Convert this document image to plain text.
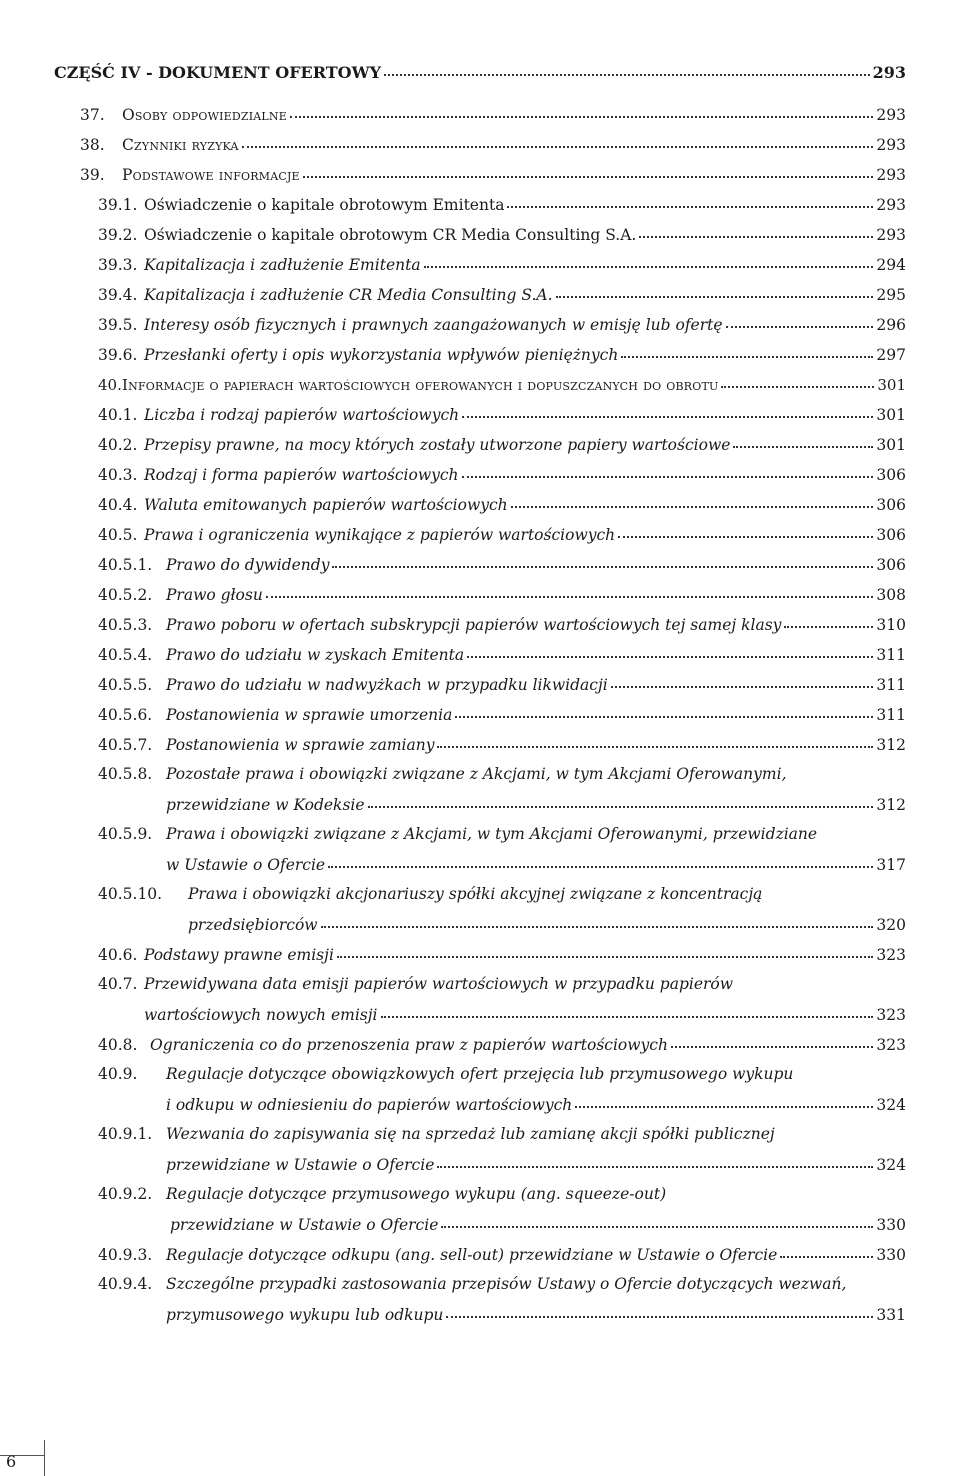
CZĘŚĆ IV - DOKUMENT OFERTOWY	293
37.	Osoby odpowiedzialne	293
38.	Czynniki ryzyka	293
39.	Podstawowe informacje	293
39.1. Oświadczenie o kapitale obrotowym Emitenta	293
39.2. Oświadczenie o kapitale obrotowym CR Media Consulting S.A.	293
39.3. Kapitalizacja i zadłużenie Emitenta	294
39.4. Kapitalizacja i zadłużenie CR Media Consulting S.A.	295
39.5. Interesy osób fizycznych i prawnych zaangażowanych w emisję lub ofertę	296
39.6. Przesłanki oferty i opis wykorzystania wpływów pieniężnych	297
40. Informacje o papierach wartościowych oferowanych i dopuszczanych do obrotu	301
40.1. Liczba i rodzaj papierów wartościowych	301
40.2. Przepisy prawne, na mocy których zostały utworzone papiery wartościowe	301
40.3. Rodzaj i forma papierów wartościowych	306
40.4. Waluta emitowanych papierów wartościowych	306
40.5. Prawa i ograniczenia wynikające z papierów wartościowych	306
40.5.1. Prawo do dywidendy	306
40.5.2. Prawo głosu	308
40.5.3. Prawo poboru w ofertach subskrypcji papierów wartościowych tej samej klasy	310
40.5.4. Prawo do udziału w zyskach Emitenta	311
40.5.5. Prawo do udziału w nadwyżkach w przypadku likwidacji	311
40.5.6. Postanowienia w sprawie umorzenia	311
40.5.7. Postanowienia w sprawie zamiany	312
40.5.8. Pozostałe prawa i obowiązki związane z Akcjami, w tym Akcjami Oferowanymi,
przewidziane w Kodeksie	312
40.5.9. Prawa i obowiązki związane z Akcjami, w tym Akcjami Oferowanymi, przewidziane
w Ustawie o Ofercie	317
40.5.10. Prawa i obowiązki akcjonariuszy spółki akcyjnej związane z koncentracją
przedsiębiorców	320
40.6. Podstawy prawne emisji	323
40.7. Przewidywana data emisji papierów wartościowych w przypadku papierów
wartościowych nowych emisji	323
40.8. Ograniczenia co do przenoszenia praw z papierów wartościowych	323
40.9. Regulacje dotyczące obowiązkowych ofert przejęcia lub przymusowego wykupu
i odkupu w odniesieniu do papierów wartościowych	324
40.9.1. Wezwania do zapisywania się na sprzedaż lub zamianę akcji spółki publicznej
przewidziane w Ustawie o Ofercie	324
40.9.2. Regulacje dotyczące przymusowego wykupu (ang. squeeze-out)
przewidziane w Ustawie o Ofercie	330
40.9.3. Regulacje dotyczące odkupu (ang. sell-out) przewidziane w Ustawie o Ofercie	330
40.9.4. Szczególne przypadki zastosowania przepisów Ustawy o Ofercie dotyczących wezwań,
przymusowego wykupu lub odkupu	331
6
